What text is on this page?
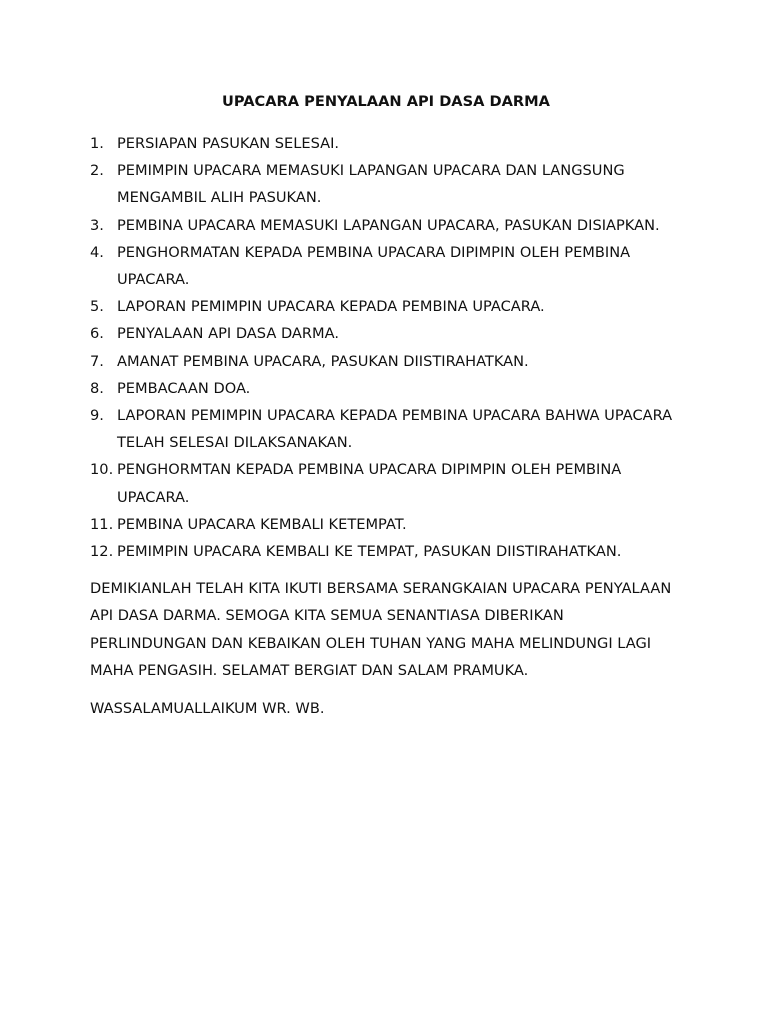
UPACARA PENYALAAN API DASA DARMA
1. PERSIAPAN PASUKAN SELESAI.
2. PEMIMPIN UPACARA MEMASUKI LAPANGAN UPACARA DAN LANGSUNG MENGAMBIL ALIH PASUKAN.
3. PEMBINA UPACARA MEMASUKI LAPANGAN UPACARA, PASUKAN DISIAPKAN.
4. PENGHORMATAN KEPADA PEMBINA UPACARA DIPIMPIN OLEH PEMBINA UPACARA.
5. LAPORAN PEMIMPIN UPACARA KEPADA PEMBINA UPACARA.
6. PENYALAAN API DASA DARMA.
7. AMANAT PEMBINA UPACARA, PASUKAN DIISTIRAHATKAN.
8. PEMBACAAN DOA.
9. LAPORAN PEMIMPIN UPACARA KEPADA PEMBINA UPACARA BAHWA UPACARA TELAH SELESAI DILAKSANAKAN.
10. PENGHORMTAN KEPADA PEMBINA UPACARA DIPIMPIN OLEH PEMBINA UPACARA.
11. PEMBINA UPACARA KEMBALI KETEMPAT.
12. PEMIMPIN UPACARA KEMBALI KE TEMPAT, PASUKAN DIISTIRAHATKAN.

DEMIKIANLAH TELAH KITA IKUTI BERSAMA SERANGKAIAN UPACARA PENYALAAN API DASA DARMA. SEMOGA KITA SEMUA SENANTIASA DIBERIKAN PERLINDUNGAN DAN KEBAIKAN OLEH TUHAN YANG MAHA MELINDUNGI LAGI MAHA PENGASIH. SELAMAT BERGIAT DAN SALAM PRAMUKA.

WASSALAMUALLAIKUM WR. WB.
